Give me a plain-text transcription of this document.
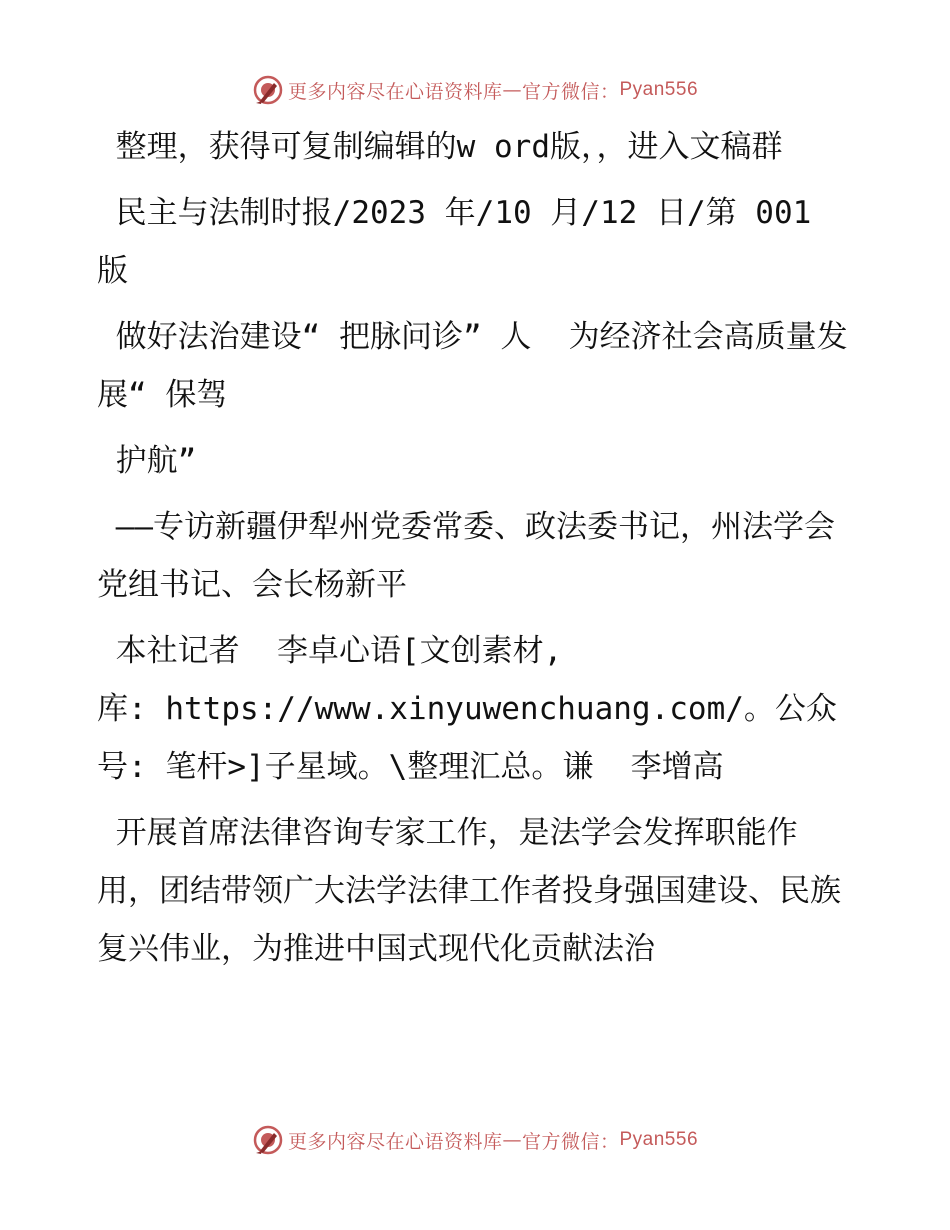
更多内容尽在心语资料库 — 官方微信： Pyan556

整理，获得可复制编辑的w ord版，，进入文稿群

民主与法制时报/2023 年/10 月/12 日/第 001 版

做好法治建设“ 把脉问诊” 人  为经济社会高质量发展“ 保驾

护航”

——专访新疆伊犁州党委常委、政法委书记，州法学会党组书记、会长杨新平

本社记者  李卓心语[文创素材,

库: https://www.xinyuwenchuang.com/。公众号: 笔杆>]子星域。\整理汇总。谦  李增高

开展首席法律咨询专家工作，是法学会发挥职能作用，团结带领广大法学法律工作者投身强国建设、民族复兴伟业，为推进中国式现代化贡献法治

更多内容尽在心语资料库 — 官方微信： Pyan556
